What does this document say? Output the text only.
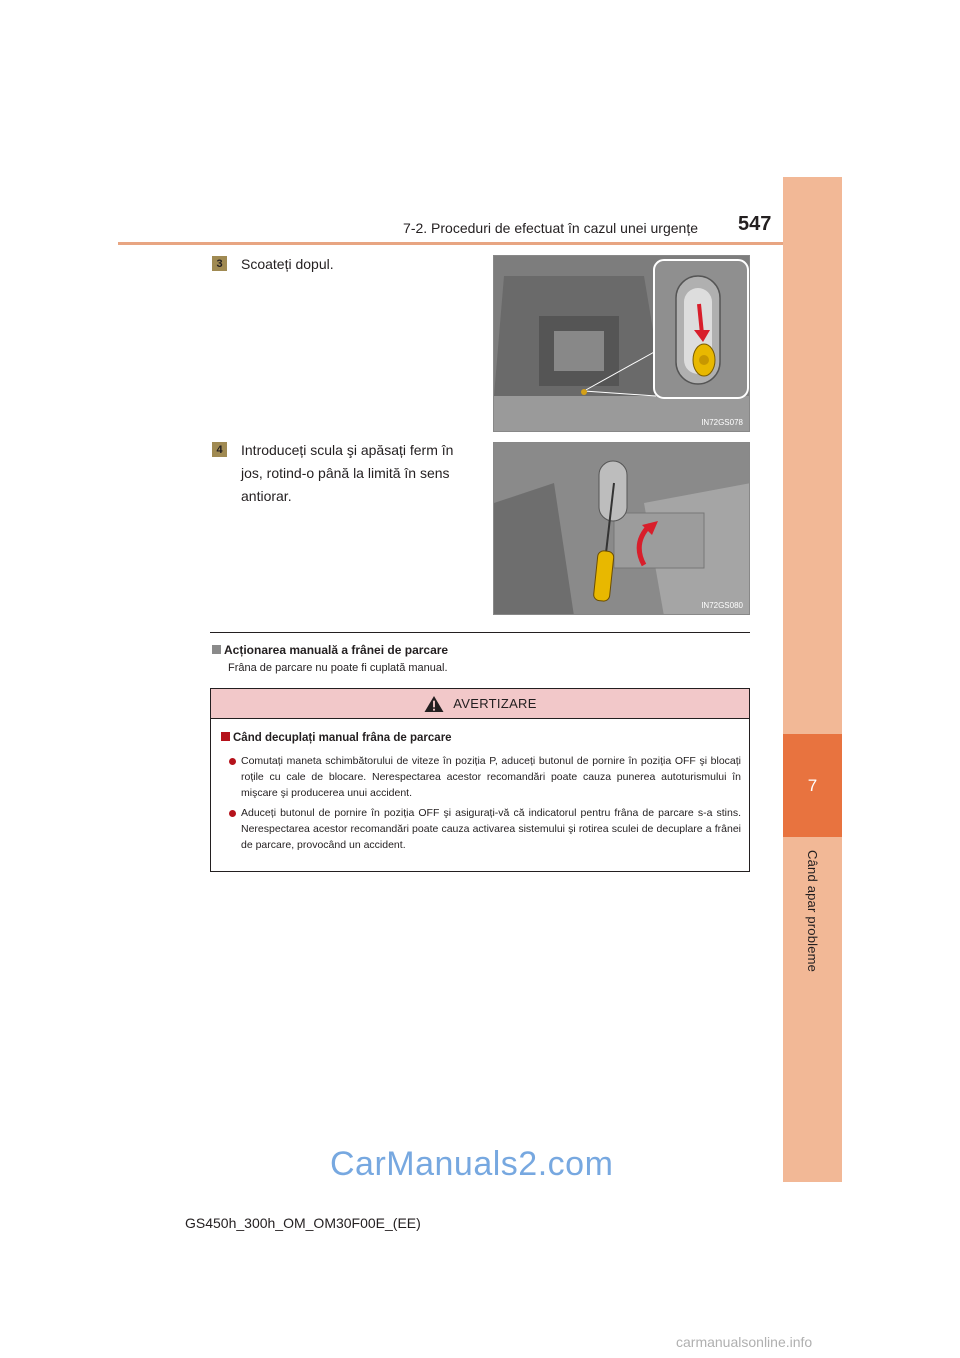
7-2. Proceduri de efectuat în cazul unei urgențe 547
7
Când apar probleme
3	Scoateți dopul.
IN72GS078
4	Introduceți scula şi apăsați ferm în jos, rotind-o până la limită în sens antiorar.
IN72GS080
Acționarea manuală a frânei de parcare
Frâna de parcare nu poate fi cuplată manual.
AVERTIZARE
Când decuplați manual frâna de parcare
Comutați maneta schimbătorului de viteze în poziția P, aduceți butonul de pornire în poziția OFF şi blocați roțile cu cale de blocare. Nerespectarea acestor recomandări poate cauza punerea autoturismului în mişcare şi producerea unui accident.
Aduceți butonul de pornire în poziția OFF şi asigurați-vă că indicatorul pentru frâna de parcare s-a stins. Nerespectarea acestor recomandări poate cauza activarea sistemului şi rotirea sculei de decuplare a frânei de parcare, provocând un accident.
CarManuals2.com
GS450h_300h_OM_OM30F00E_(EE)
carmanualsonline.info
